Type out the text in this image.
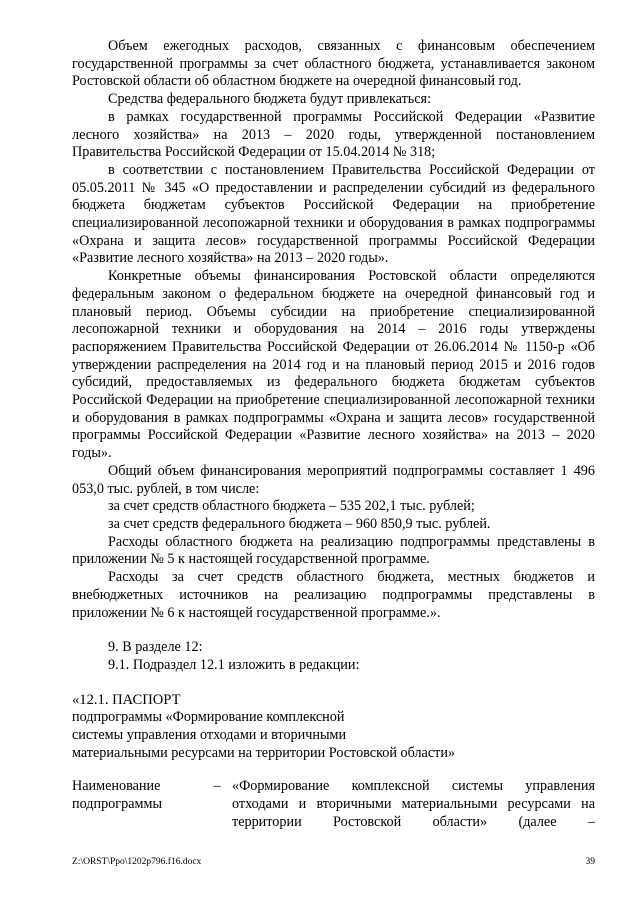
Объем ежегодных расходов, связанных с финансовым обеспечением государственной программы за счет областного бюджета, устанавливается законом Ростовской области об областном бюджете на очередной финансовый год.

Средства федерального бюджета будут привлекаться:

в рамках государственной программы Российской Федерации «Развитие лесного хозяйства» на 2013 – 2020 годы, утвержденной постановлением Правительства Российской Федерации от 15.04.2014 № 318;

в соответствии с постановлением Правительства Российской Федерации от 05.05.2011 № 345 «О предоставлении и распределении субсидий из федерального бюджета бюджетам субъектов Российской Федерации на приобретение специализированной лесопожарной техники и оборудования в рамках подпрограммы «Охрана и защита лесов» государственной программы Российской Федерации «Развитие лесного хозяйства» на 2013 – 2020 годы».

Конкретные объемы финансирования Ростовской области определяются федеральным законом о федеральном бюджете на очередной финансовый год и плановый период. Объемы субсидии на приобретение специализированной лесопожарной техники и оборудования на 2014 – 2016 годы утверждены распоряжением Правительства Российской Федерации от 26.06.2014 № 1150-р «Об утверждении распределения на 2014 год и на плановый период 2015 и 2016 годов субсидий, предоставляемых из федерального бюджета бюджетам субъектов Российской Федерации на приобретение специализированной лесопожарной техники и оборудования в рамках подпрограммы «Охрана и защита лесов» государственной программы Российской Федерации «Развитие лесного хозяйства» на 2013 – 2020 годы».

Общий объем финансирования мероприятий подпрограммы составляет 1 496 053,0 тыс. рублей, в том числе:

за счет средств областного бюджета – 535 202,1 тыс. рублей;

за счет средств федерального бюджета – 960 850,9 тыс. рублей.

Расходы областного бюджета на реализацию подпрограммы представлены в приложении № 5 к настоящей государственной программе.

Расходы за счет средств областного бюджета, местных бюджетов и внебюджетных источников на реализацию подпрограммы представлены в приложении № 6 к настоящей государственной программе.».

9. В разделе 12:

9.1. Подраздел 12.1 изложить в редакции:

«12.1. ПАСПОРТ

подпрограммы «Формирование комплексной

системы управления отходами и вторичными

материальными ресурсами на территории Ростовской области»

Наименование
подпрограммы
– «Формирование комплексной системы управления
отходами и вторичными материальными ресурсами на
территории Ростовской области» (далее –
Z:\ORST\Ppo\1202p796.f16.docx	39
